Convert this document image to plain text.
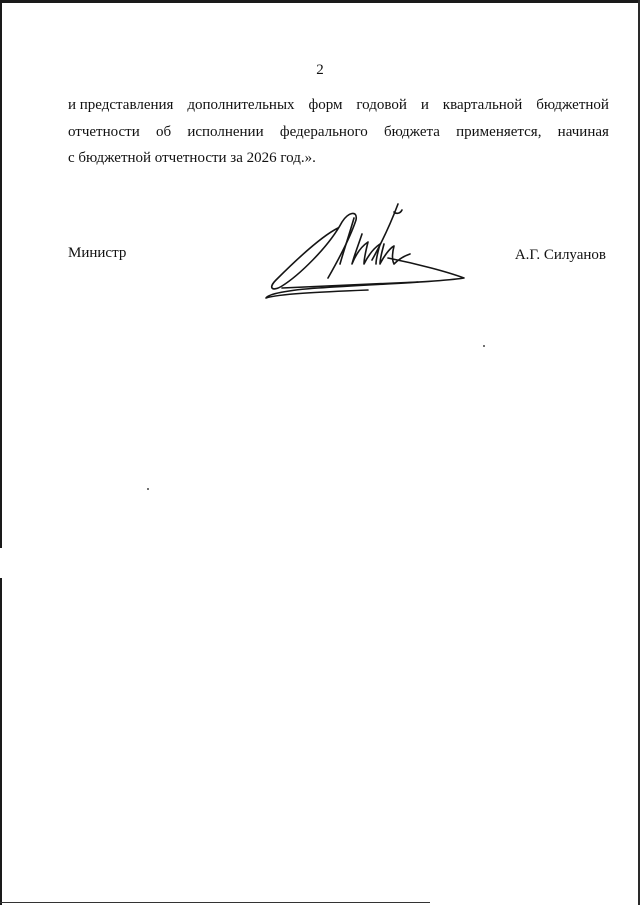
2
и представления дополнительных форм годовой и квартальной бюджетной
отчетности об исполнении федерального бюджета применяется, начиная
с бюджетной отчетности за 2026 год.».
Министр	А.Г. Силуанов
